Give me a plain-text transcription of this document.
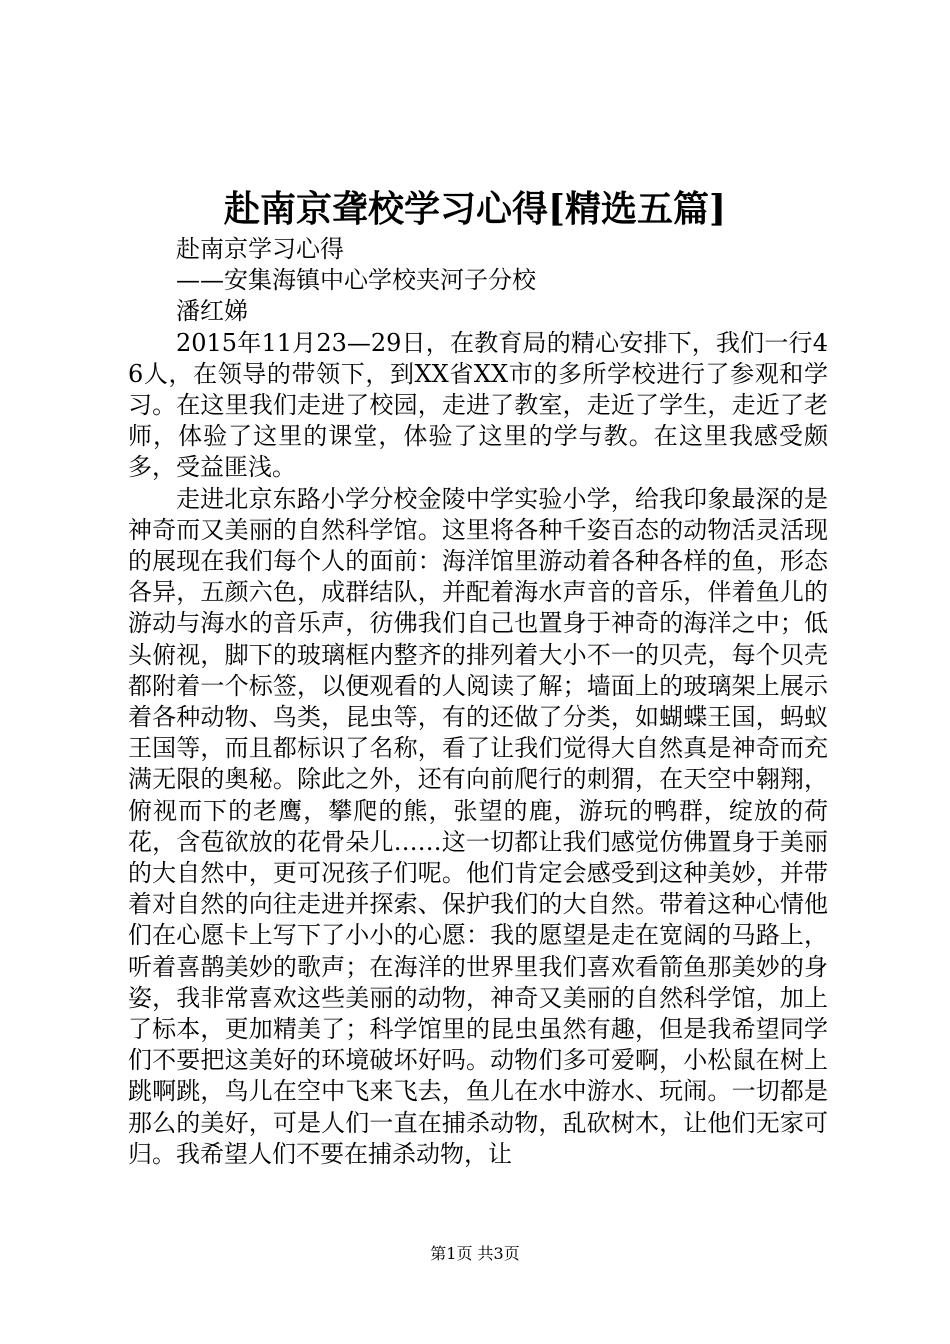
赴南京聋校学习心得[精选五篇]

赴南京学习心得

——安集海镇中心学校夹河子分校

潘红娣

2015年11月23—29日，在教育局的精心安排下，我们一行46人，在领导的带领下，到XX省XX市的多所学校进行了参观和学习。在这里我们走进了校园，走进了教室，走近了学生，走近了老师，体验了这里的课堂，体验了这里的学与教。在这里我感受颇多，受益匪浅。

走进北京东路小学分校金陵中学实验小学，给我印象最深的是神奇而又美丽的自然科学馆。这里将各种千姿百态的动物活灵活现的展现在我们每个人的面前：海洋馆里游动着各种各样的鱼，形态各异，五颜六色，成群结队，并配着海水声音的音乐，伴着鱼儿的游动与海水的音乐声，彷佛我们自己也置身于神奇的海洋之中；低头俯视，脚下的玻璃框内整齐的排列着大小不一的贝壳，每个贝壳都附着一个标签，以便观看的人阅读了解；墙面上的玻璃架上展示着各种动物、鸟类，昆虫等，有的还做了分类，如蝴蝶王国，蚂蚁王国等，而且都标识了名称，看了让我们觉得大自然真是神奇而充满无限的奥秘。除此之外，还有向前爬行的刺猬，在天空中翱翔，俯视而下的老鹰，攀爬的熊，张望的鹿，游玩的鸭群，绽放的荷花，含苞欲放的花骨朵儿……这一切都让我们感觉仿佛置身于美丽的大自然中，更可况孩子们呢。他们肯定会感受到这种美妙，并带着对自然的向往走进并探索、保护我们的大自然。带着这种心情他们在心愿卡上写下了小小的心愿：我的愿望是走在宽阔的马路上，听着喜鹊美妙的歌声；在海洋的世界里我们喜欢看箭鱼那美妙的身姿，我非常喜欢这些美丽的动物，神奇又美丽的自然科学馆，加上了标本，更加精美了；科学馆里的昆虫虽然有趣，但是我希望同学们不要把这美好的环境破坏好吗。动物们多可爱啊，小松鼠在树上跳啊跳，鸟儿在空中飞来飞去，鱼儿在水中游水、玩闹。一切都是那么的美好，可是人们一直在捕杀动物，乱砍树木，让他们无家可归。我希望人们不要在捕杀动物，让

第1页 共3页
